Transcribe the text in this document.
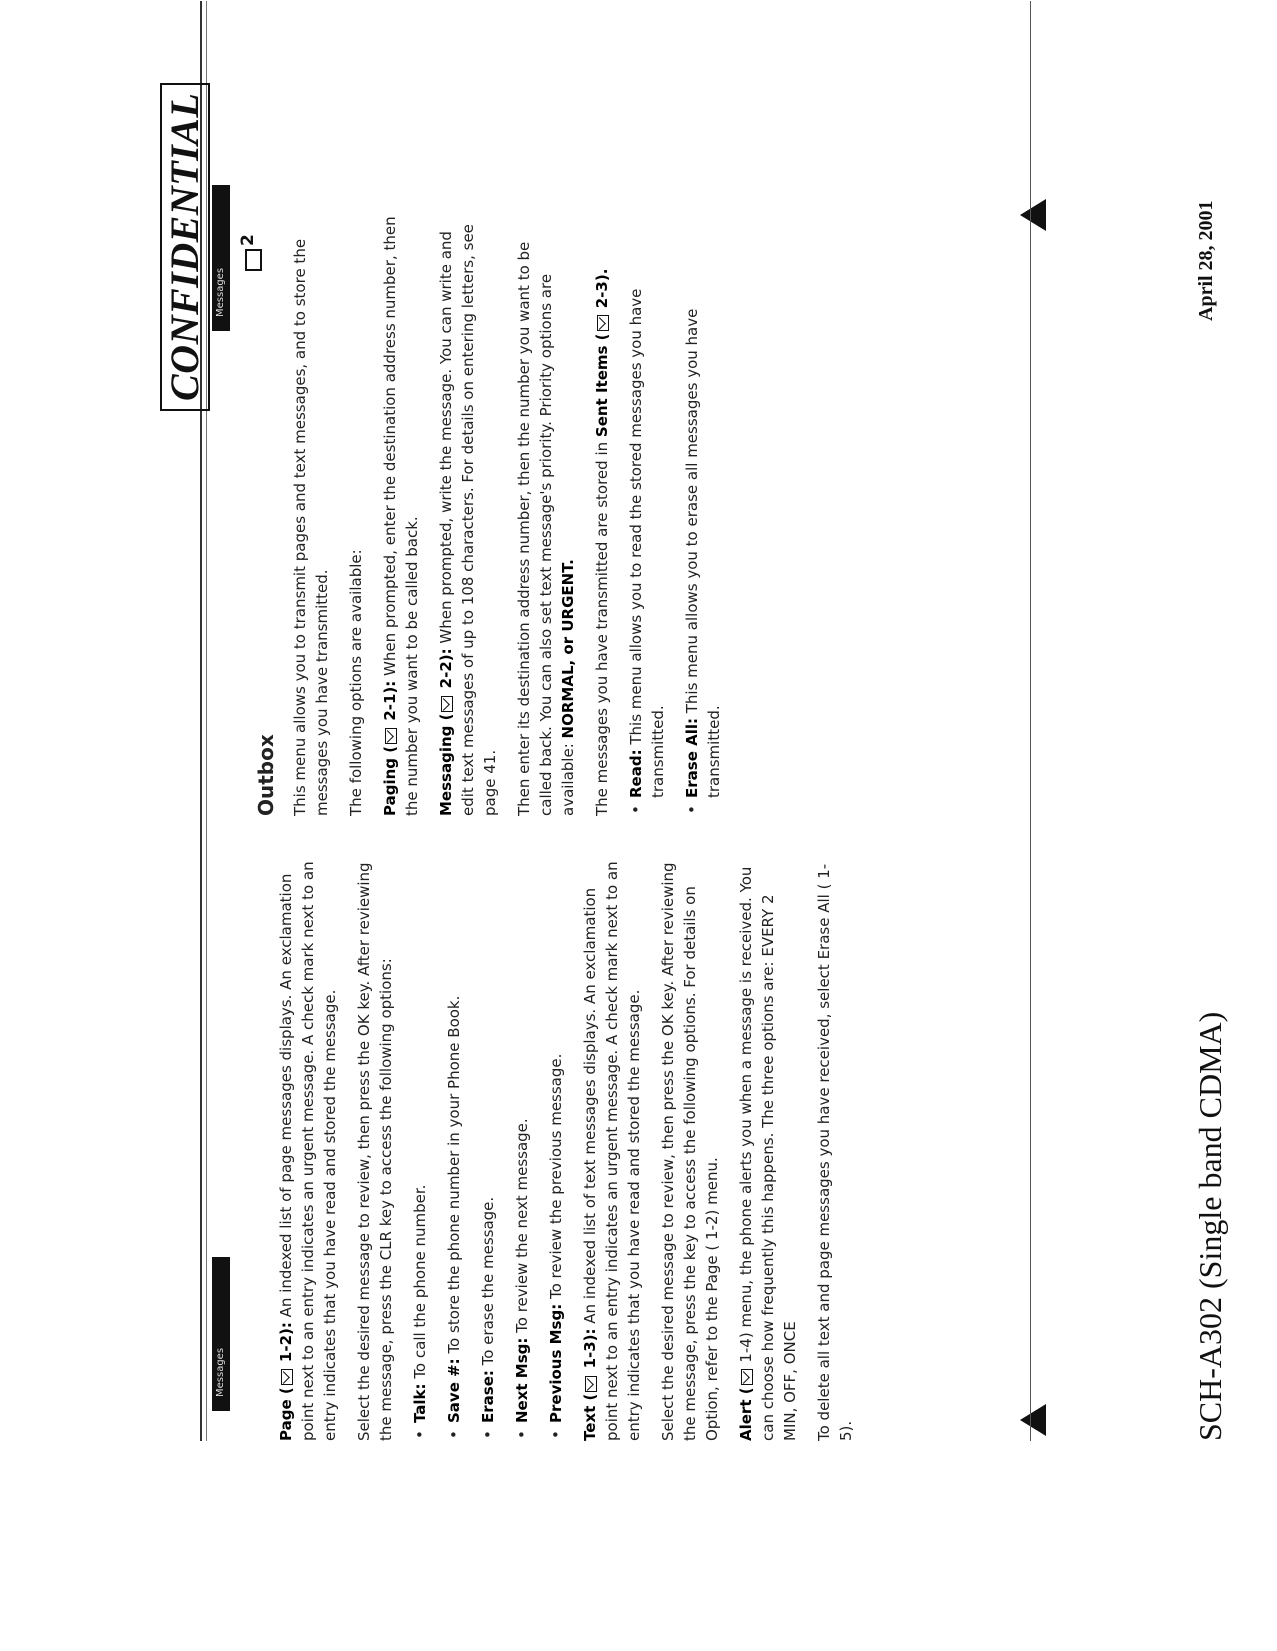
CONFIDENTIAL
Messages
Messages
2

Page ( 1-2): An indexed list of page messages displays. An exclamation point next to an entry indicates an urgent message. A check mark next to an entry indicates that you have read and stored the message. Select the desired message to review, then press the OK key. After reviewing the message, press the CLR key to access the following options: • Talk: To call the phone number.

• Save #: To store the phone number in your Phone Book.

• Erase: To erase the message.

• Next Msg: To review the next message.

• Previous Msg: To review the previous message.

Text ( 1-3): An indexed list of text messages displays. An exclamation point next to an entry indicates an urgent message. A check mark next to an entry indicates that you have read and stored the message. Select the desired message to review, then press the OK key. After reviewing the message, press the key to access the following options. For details on Option, refer to the Page ( 1-2) menu. Alert ( 1-4) menu, the phone alerts you when a message is received. You can choose how frequently this happens. The three options are: EVERY 2 MIN, OFF, ONCE To delete all text and page messages you have received, select Erase All ( 1-5).

Outbox This menu allows you to transmit pages and text messages, and to store the messages you have transmitted. The following options are available: Paging ( 2-1): When prompted, enter the destination address number, then the number you want to be called back. Messaging ( 2-2): When prompted, write the message. You can write and edit text messages of up to 108 characters. For details on entering letters, see page 41. Then enter its destination address number, then the number you want to be called back. You can also set text message's priority. Priority options are available: NORMAL, or URGENT. The messages you have transmitted are stored in Sent Items ( 2-3).

• Read: This menu allows you to read the stored messages you have transmitted. • Erase All: This menu allows you to erase all messages you have transmitted.

SCH-A302 (Single band CDMA)
April 28, 2001
